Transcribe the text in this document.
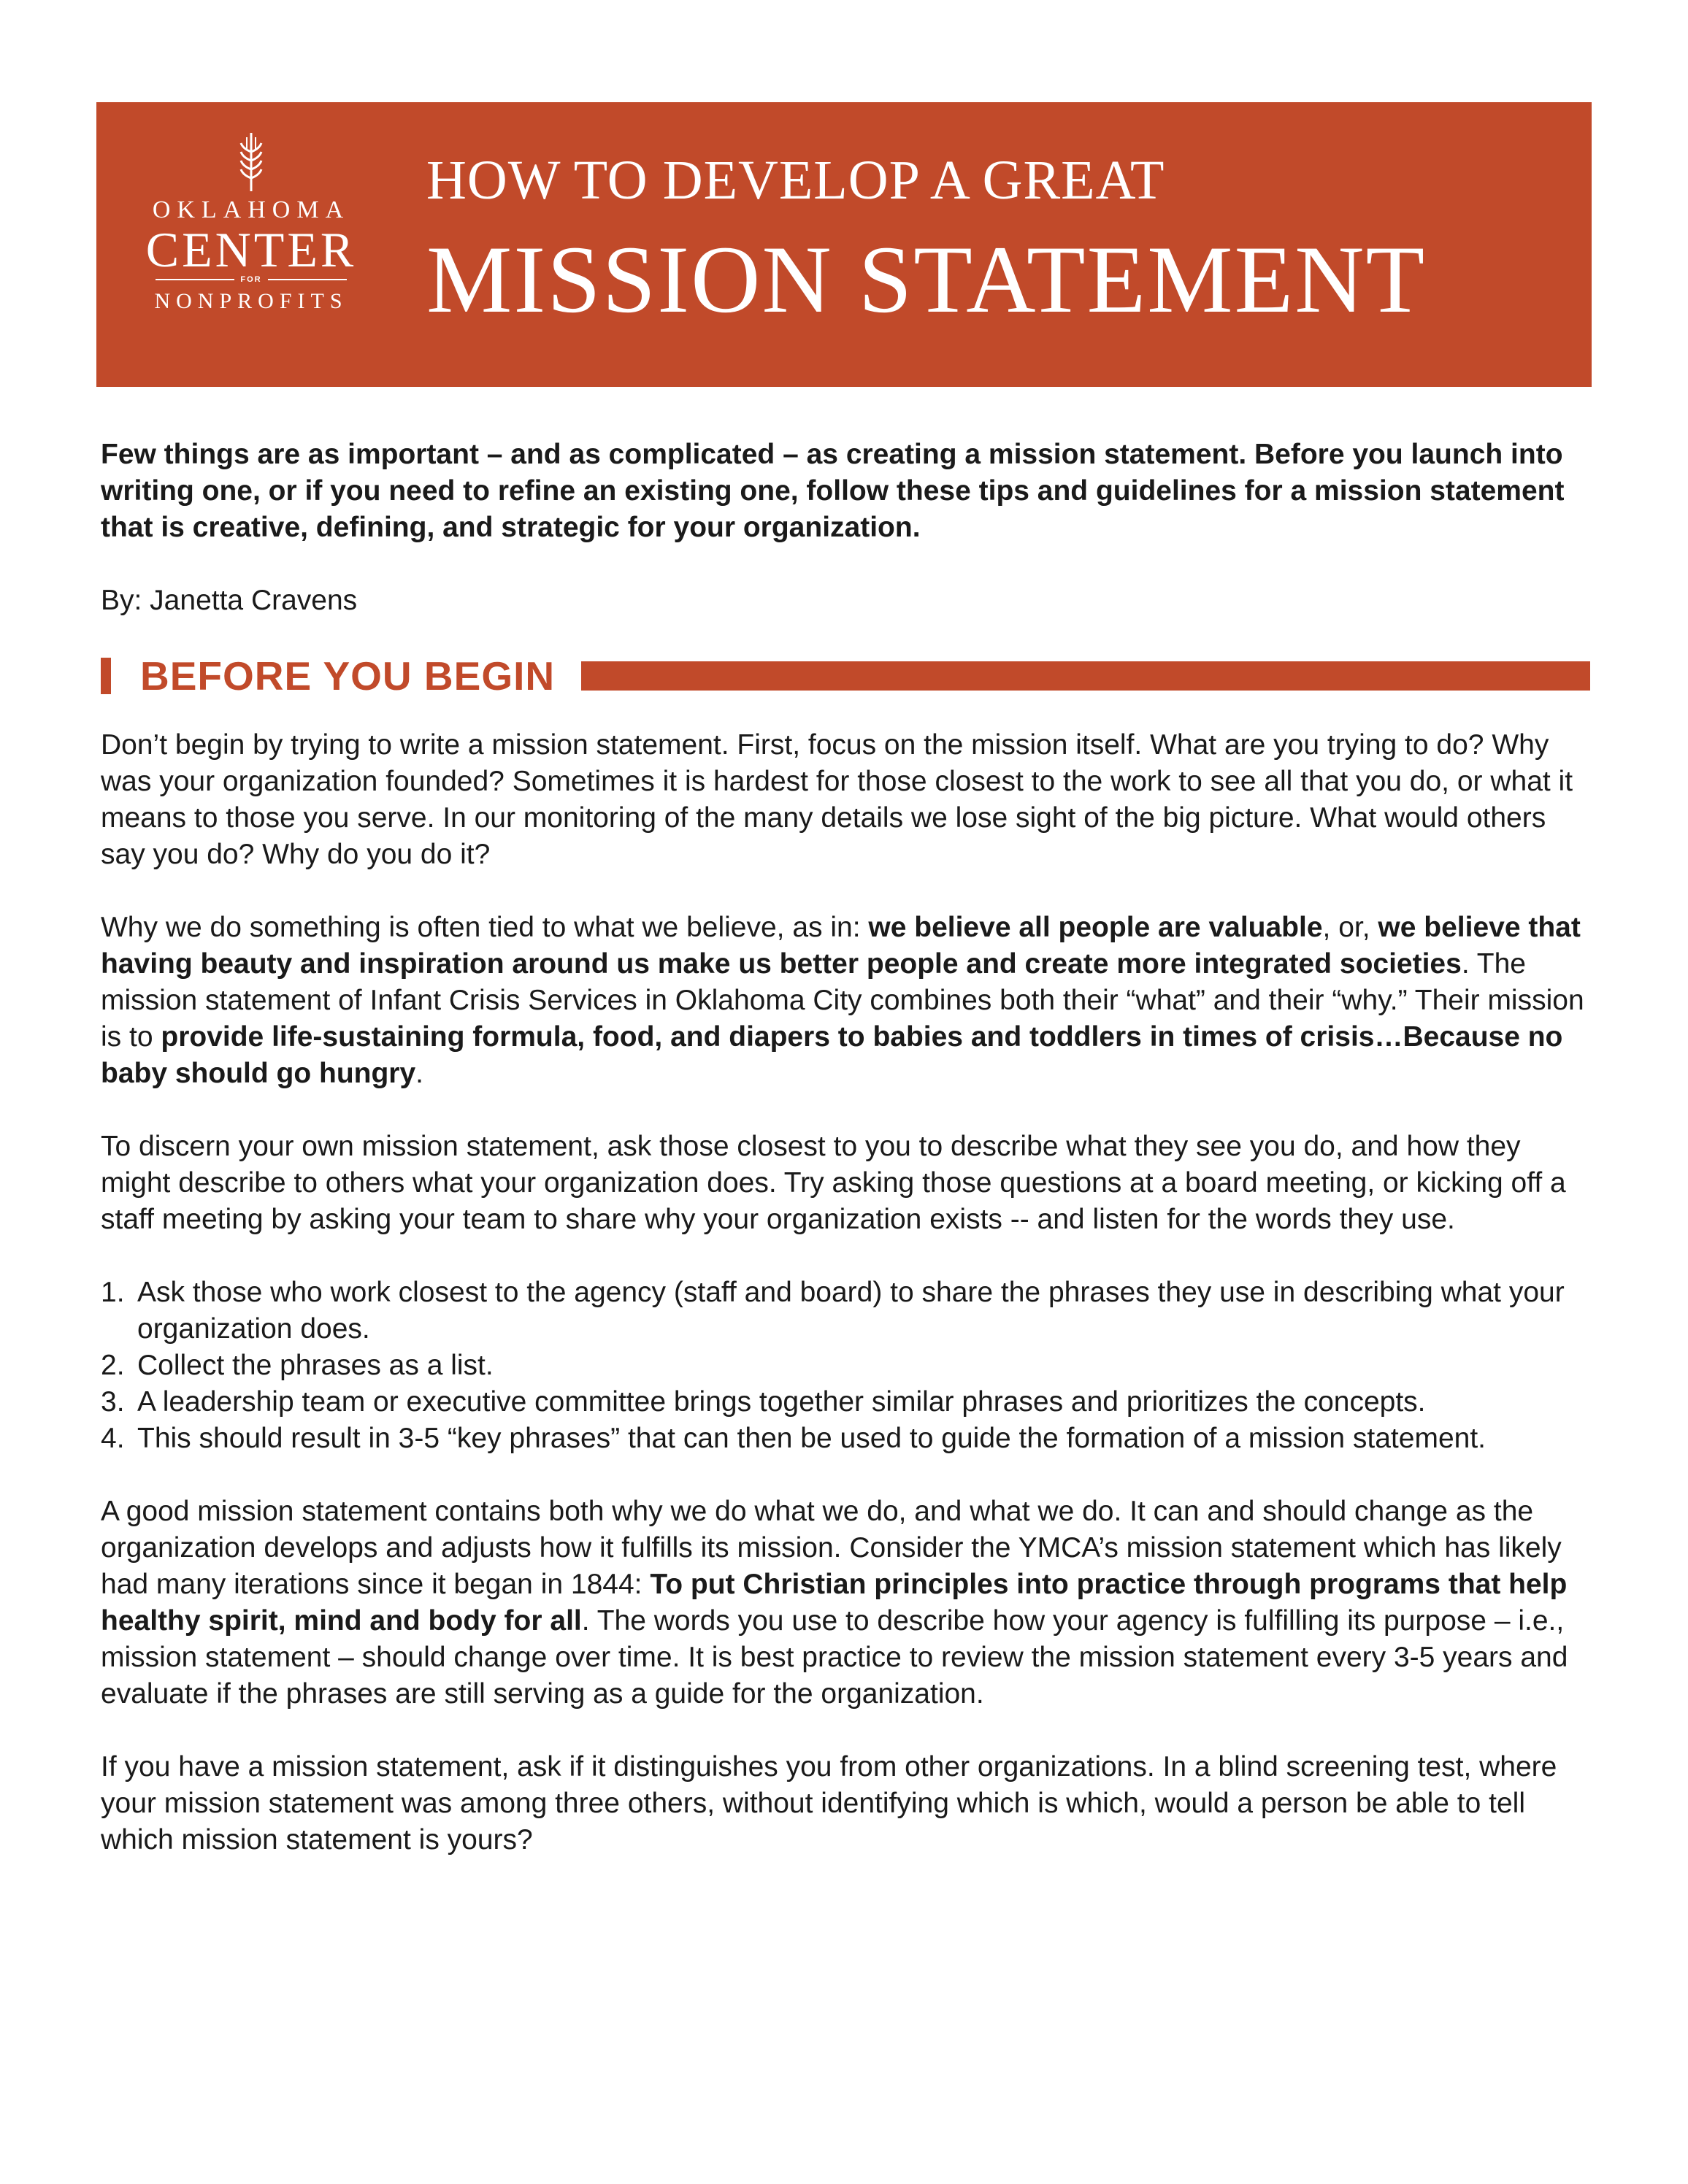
OKLAHOMA
CENTER
FOR
NONPROFITS
HOW TO DEVELOP A GREAT
MISSION STATEMENT

Few things are as important – and as complicated – as creating a mission statement. Before you launch into writing one, or if you need to refine an existing one, follow these tips and guidelines for a mission statement that is creative, defining, and strategic for your organization.

By: Janetta Cravens

BEFORE YOU BEGIN

Don’t begin by trying to write a mission statement. First, focus on the mission itself. What are you trying to do? Why was your organization founded? Sometimes it is hardest for those closest to the work to see all that you do, or what it means to those you serve. In our monitoring of the many details we lose sight of the big picture. What would others say you do? Why do you do it?

Why we do something is often tied to what we believe, as in: we believe all people are valuable, or, we believe that having beauty and inspiration around us make us better people and create more integrated societies. The mission statement of Infant Crisis Services in Oklahoma City combines both their “what” and their “why.” Their mission is to provide life-sustaining formula, food, and diapers to babies and toddlers in times of crisis…Because no baby should go hungry.

To discern your own mission statement, ask those closest to you to describe what they see you do, and how they might describe to others what your organization does. Try asking those questions at a board meeting, or kicking off a staff meeting by asking your team to share why your organization exists -- and listen for the words they use.

1. Ask those who work closest to the agency (staff and board) to share the phrases they use in describing what your organization does.
2. Collect the phrases as a list.
3. A leadership team or executive committee brings together similar phrases and prioritizes the concepts.
4. This should result in 3-5 “key phrases” that can then be used to guide the formation of a mission statement.

A good mission statement contains both why we do what we do, and what we do. It can and should change as the organization develops and adjusts how it fulfills its mission. Consider the YMCA’s mission statement which has likely had many iterations since it began in 1844: To put Christian principles into practice through programs that help healthy spirit, mind and body for all. The words you use to describe how your agency is fulfilling its purpose – i.e., mission statement – should change over time. It is best practice to review the mission statement every 3-5 years and evaluate if the phrases are still serving as a guide for the organization.

If you have a mission statement, ask if it distinguishes you from other organizations. In a blind screening test, where your mission statement was among three others, without identifying which is which, would a person be able to tell which mission statement is yours?
